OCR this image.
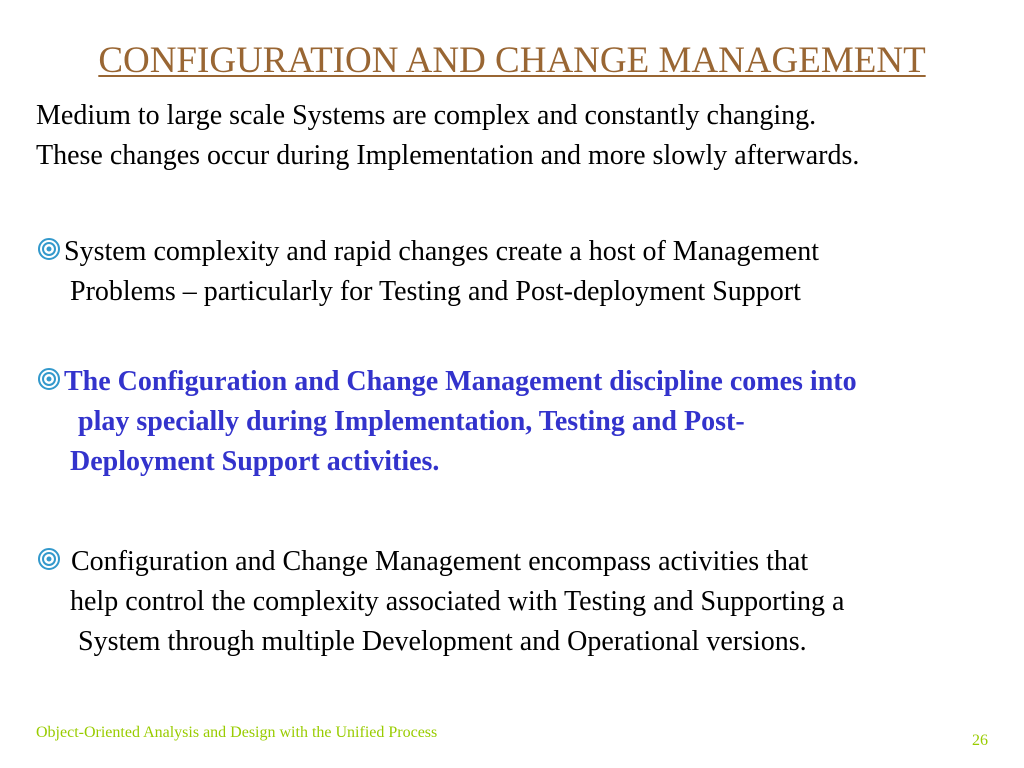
CONFIGURATION AND CHANGE MANAGEMENT
Medium to large scale Systems are complex and constantly changing.
These changes occur during Implementation and more slowly afterwards.
System complexity and rapid changes create a host of Management
Problems – particularly for Testing and Post-deployment Support
The Configuration and Change Management discipline comes into
play specially during Implementation, Testing and Post-
Deployment Support activities.
Configuration and Change Management encompass activities that
help control the complexity associated with Testing and Supporting a
System through multiple Development and Operational versions.
Object-Oriented Analysis and Design with the Unified Process	26
